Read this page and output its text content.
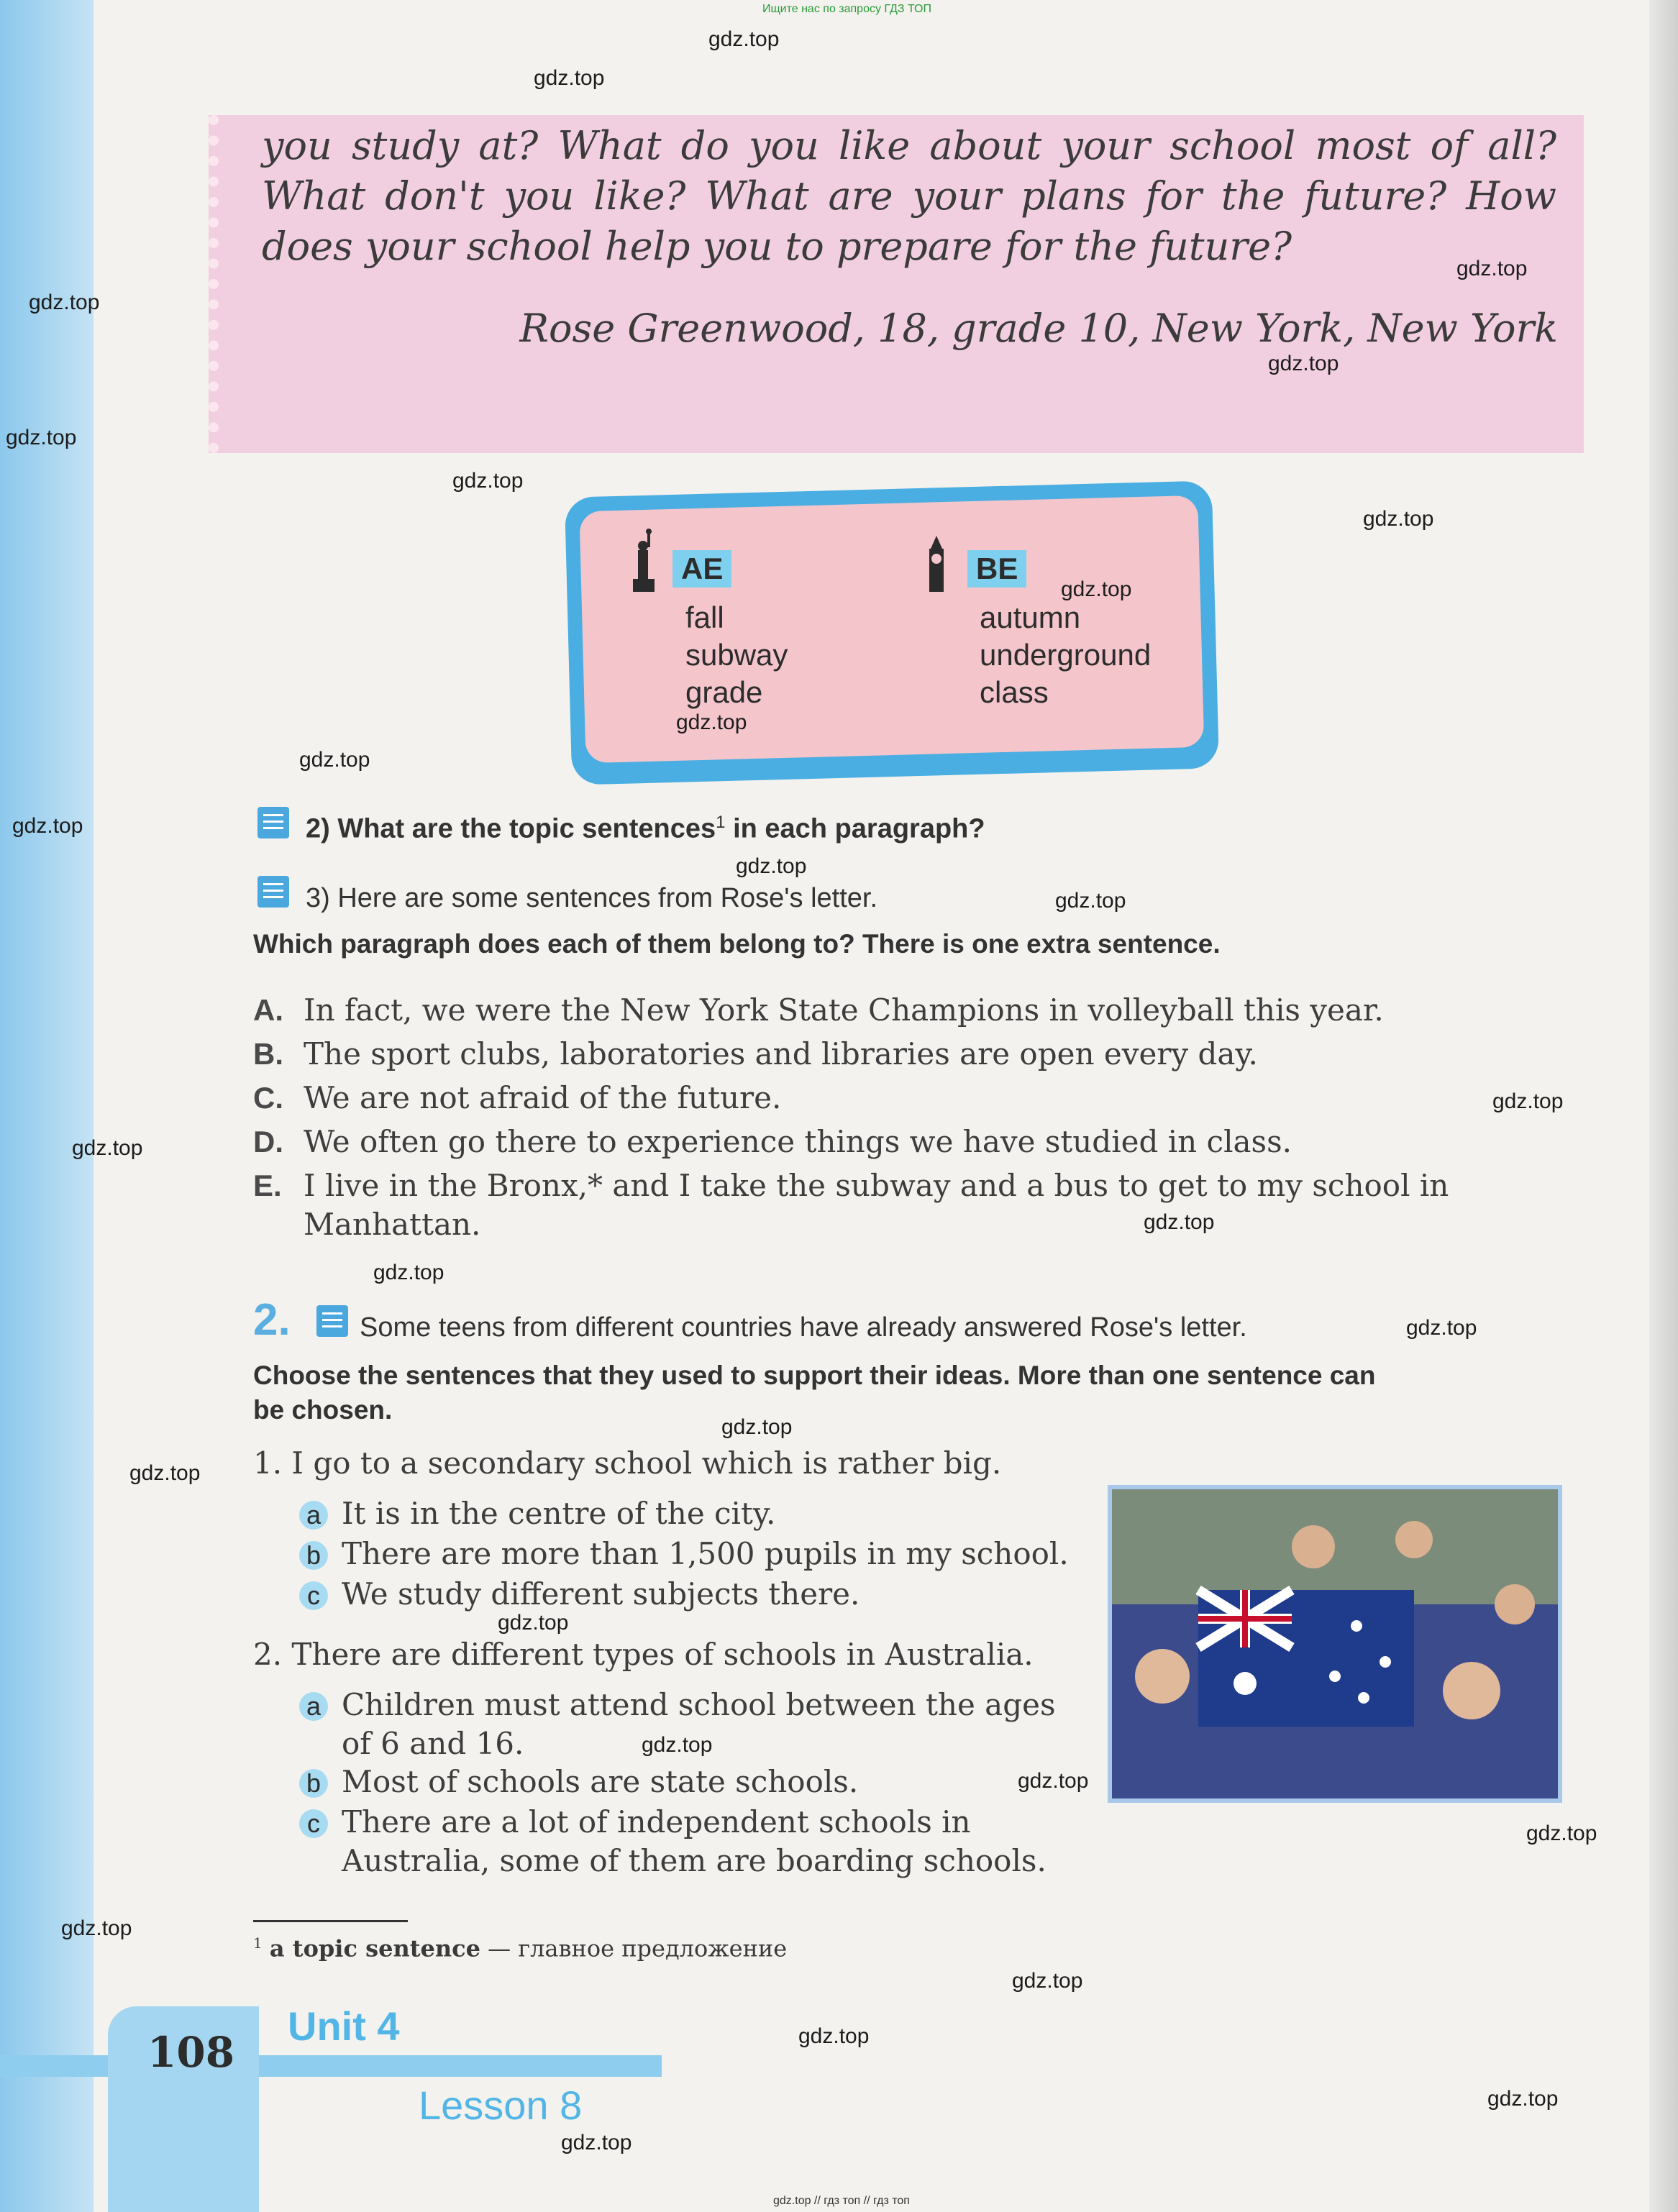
Ищите нас по запросу ГДЗ ТОП

you study at? What do you like about your school most of all?

What don't you like? What are your plans for the future? How

does your school help you to prepare for the future?

Rose Greenwood, 18, grade 10, New York, New York

AE	BE
fall
subway
grade
autumn
underground
class
2) What are the topic sentences$^1$ in each paragraph?
3) Here are some sentences from Rose's letter.
Which paragraph does each of them belong to? There is one extra sentence.
A. In fact, we were the New York State Champions in volleyball this year.
B. The sport clubs, laboratories and libraries are open every day.
C. We are not afraid of the future.
D. We often go there to experience things we have studied in class.
E. I live in the Bronx,* and I take the subway and a bus to get to my school in
Manhattan.
2.	Some teens from different countries have already answered Rose's letter.
Choose the sentences that they used to support their ideas. More than one sentence can
be chosen.
1. I go to a secondary school which is rather big.
a It is in the centre of the city.
b There are more than 1,500 pupils in my school.
c We study different subjects there.
2. There are different types of schools in Australia.
a Children must attend school between the ages
of 6 and 16.
b Most of schools are state schools.
c There are a lot of independent schools in
Australia, some of them are boarding schools.
$^1$ a topic sentence — главное предложение
108
Unit 4
Lesson 8
gdz.top // гдз топ // гдз топ
gdz.top
gdz.top
gdz.top
gdz.top
gdz.top
gdz.top
gdz.top
gdz.top
gdz.top
gdz.top
gdz.top
gdz.top
gdz.top
gdz.top
gdz.top
gdz.top
gdz.top
gdz.top
gdz.top
gdz.top
gdz.top
gdz.top
gdz.top
gdz.top
gdz.top
gdz.top
gdz.top
gdz.top
gdz.top
gdz.top
